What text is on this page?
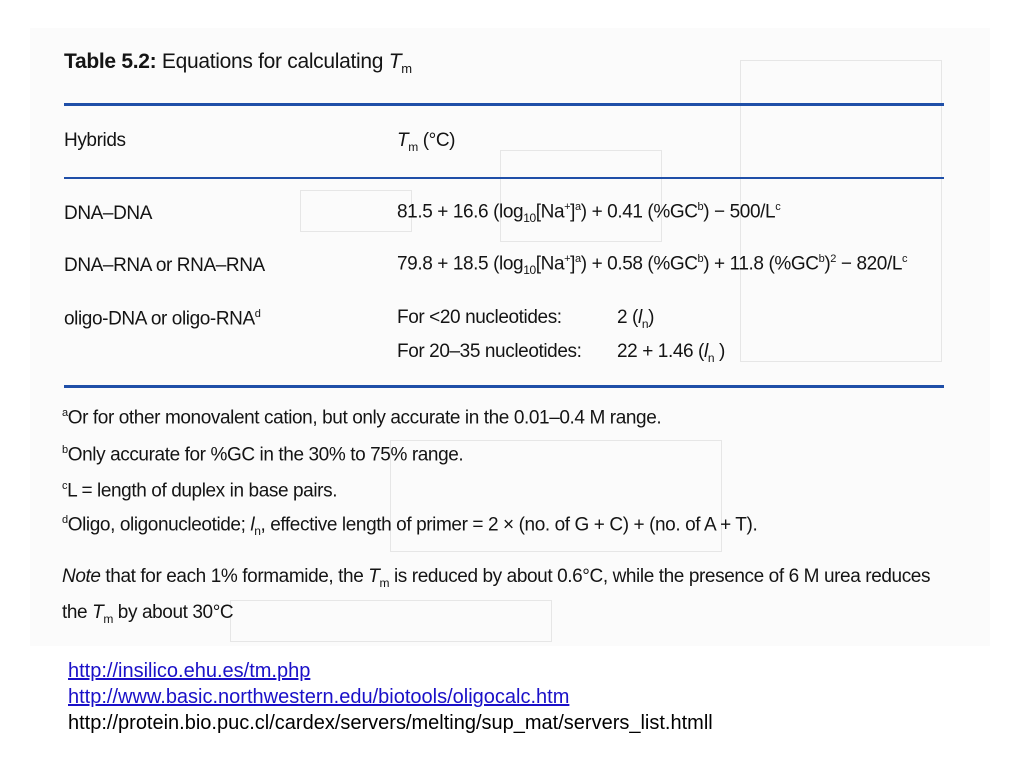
Table 5.2: Equations for calculating $T_m$
Hybrids	$T_m$ (°C)
DNA–DNA	81.5 + 16.6 $(\log_{10}[Na^+]^a) + 0.41$ $(\%GC^b) - 500/L^c$
DNA–RNA or RNA–RNA	79.8 + 18.5 $(\log_{10}[Na^+]^a) + 0.58$ $(\%GC^b) + 11.8$ $(\%GC^b)^2 - 820/L^c$
oligo-DNA or oligo-RNA$^d$	For <20 nucleotides:	2 $(l_n)$
For 20–35 nucleotides: 22 + 1.46 ($l_n$ )
$^a$Or for other monovalent cation, but only accurate in the 0.01–0.4 M range.
$^b$Only accurate for %GC in the 30% to 75% range.
$^c$L = length of duplex in base pairs.
$^d$Oligo, oligonucleotide; $l_n$, effective length of primer = 2 × (no. of G + C) + (no. of A + T).
Note that for each 1% formamide, the $T_m$ is reduced by about 0.6°C, while the presence of 6 M urea reduces
the $T_m$ by about 30°C
http://insilico.ehu.es/tm.php
http://www.basic.northwestern.edu/biotools/oligocalc.htm
http://protein.bio.puc.cl/cardex/servers/melting/sup_mat/servers_list.htmll
